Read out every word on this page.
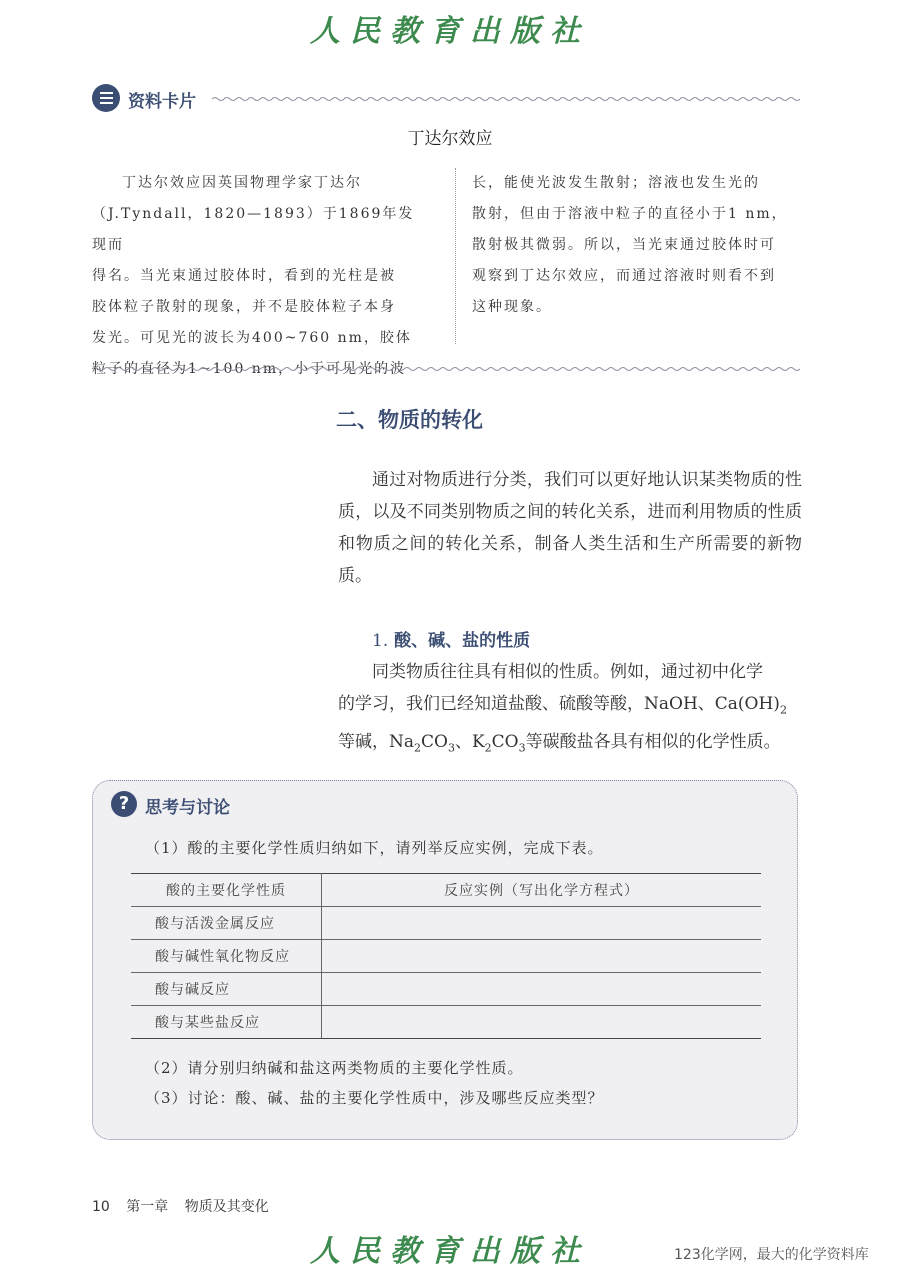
人民教育出版社
资料卡片
丁达尔效应

丁达尔效应因英国物理学家丁达尔

（J.Tyndall，1820—1893）于1869年发现而

得名。当光束通过胶体时，看到的光柱是被

胶体粒子散射的现象，并不是胶体粒子本身

发光。可见光的波长为400~760 nm，胶体

粒子的直径为1~100 nm，小于可见光的波

长，能使光波发生散射；溶液也发生光的

散射，但由于溶液中粒子的直径小于1 nm，

散射极其微弱。所以，当光束通过胶体时可

观察到丁达尔效应，而通过溶液时则看不到

这种现象。

二、物质的转化

通过对物质进行分类，我们可以更好地认识某类物质的性质，以及不同类别物质之间的转化关系，进而利用物质的性质和物质之间的转化关系，制备人类生活和生产所需要的新物质。

1. 酸、碱、盐的性质
同类物质往往具有相似的性质。例如，通过初中化学
的学习，我们已经知道盐酸、硫酸等酸，NaOH、$Ca(OH)_2$
等碱，$Na_2CO_3$、$K_2CO_3$等碳酸盐各具有相似的化学性质。
? 思考与讨论
（1）酸的主要化学性质归纳如下，请列举反应实例，完成下表。
酸的主要化学性质	反应实例（写出化学方程式）
酸与活泼金属反应	
酸与碱性氧化物反应	
酸与碱反应	
酸与某些盐反应	
（2）请分别归纳碱和盐这两类物质的主要化学性质。
（3）讨论：酸、碱、盐的主要化学性质中，涉及哪些反应类型？
10 第一章 物质及其变化
人民教育出版社	123化学网，最大的化学资料库
